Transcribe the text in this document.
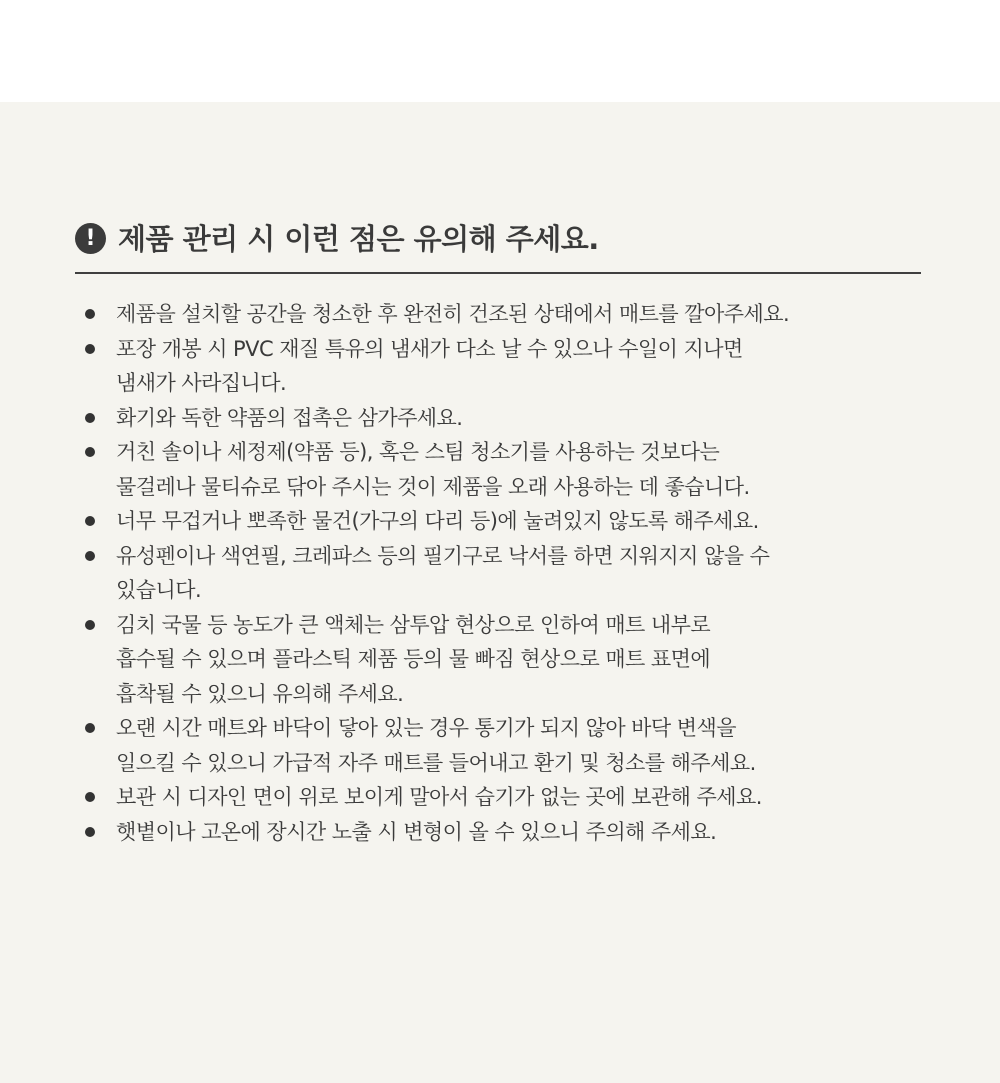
! 제품 관리 시 이런 점은 유의해 주세요.
제품을 설치할 공간을 청소한 후 완전히 건조된 상태에서 매트를 깔아주세요.
포장 개봉 시 PVC 재질 특유의 냄새가 다소 날 수 있으나 수일이 지나면
냄새가 사라집니다.
화기와 독한 약품의 접촉은 삼가주세요.
거친 솔이나 세정제(약품 등), 혹은 스팀 청소기를 사용하는 것보다는
물걸레나 물티슈로 닦아 주시는 것이 제품을 오래 사용하는 데 좋습니다.
너무 무겁거나 뽀족한 물건(가구의 다리 등)에 눌려있지 않도록 해주세요.
유성펜이나 색연필, 크레파스 등의 필기구로 낙서를 하면 지워지지 않을 수
있습니다.
김치 국물 등 농도가 큰 액체는 삼투압 현상으로 인하여 매트 내부로
흡수될 수 있으며 플라스틱 제품 등의 물 빠짐 현상으로 매트 표면에
흡착될 수 있으니 유의해 주세요.
오랜 시간 매트와 바닥이 닿아 있는 경우 통기가 되지 않아 바닥 변색을
일으킬 수 있으니 가급적 자주 매트를 들어내고 환기 및 청소를 해주세요.
보관 시 디자인 면이 위로 보이게 말아서 습기가 없는 곳에 보관해 주세요.
햇볕이나 고온에 장시간 노출 시 변형이 올 수 있으니 주의해 주세요.
